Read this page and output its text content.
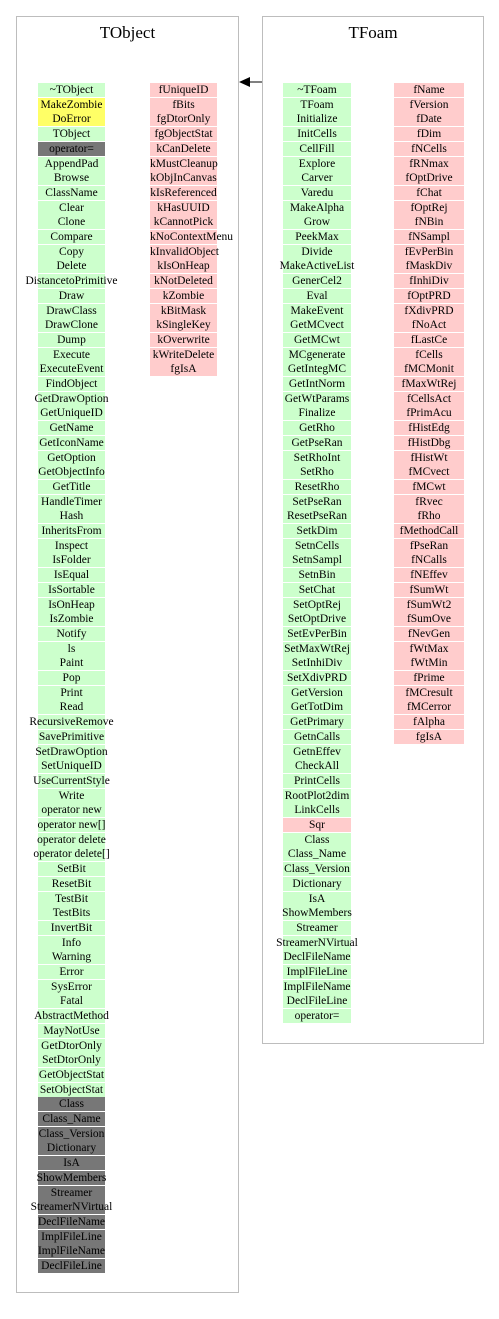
TObject
~TObject
MakeZombie
DoError
TObject
operator=
AppendPad
Browse
ClassName
Clear
Clone
Compare
Copy
Delete
DistancetoPrimitive
Draw
DrawClass
DrawClone
Dump
Execute
ExecuteEvent
FindObject
GetDrawOption
GetUniqueID
GetName
GetIconName
GetOption
GetObjectInfo
GetTitle
HandleTimer
Hash
InheritsFrom
Inspect
IsFolder
IsEqual
IsSortable
IsOnHeap
IsZombie
Notify
ls
Paint
Pop
Print
Read
RecursiveRemove
SavePrimitive
SetDrawOption
SetUniqueID
UseCurrentStyle
Write
operator new
operator new[]
operator delete
operator delete[]
SetBit
ResetBit
TestBit
TestBits
InvertBit
Info
Warning
Error
SysError
Fatal
AbstractMethod
MayNotUse
GetDtorOnly
SetDtorOnly
GetObjectStat
SetObjectStat
Class
Class_Name
Class_Version
Dictionary
IsA
ShowMembers
Streamer
StreamerNVirtual
DeclFileName
ImplFileLine
ImplFileName
DeclFileLine
fUniqueID
fBits
fgDtorOnly
fgObjectStat
kCanDelete
kMustCleanup
kObjInCanvas
kIsReferenced
kHasUUID
kCannotPick
kNoContextMenu
kInvalidObject
kIsOnHeap
kNotDeleted
kZombie
kBitMask
kSingleKey
kOverwrite
kWriteDelete
fgIsA
TFoam
~TFoam
TFoam
Initialize
InitCells
CellFill
Explore
Carver
Varedu
MakeAlpha
Grow
PeekMax
Divide
MakeActiveList
GenerCel2
Eval
MakeEvent
GetMCvect
GetMCwt
MCgenerate
GetIntegMC
GetIntNorm
GetWtParams
Finalize
GetRho
GetPseRan
SetRhoInt
SetRho
ResetRho
SetPseRan
ResetPseRan
SetkDim
SetnCells
SetnSampl
SetnBin
SetChat
SetOptRej
SetOptDrive
SetEvPerBin
SetMaxWtRej
SetInhiDiv
SetXdivPRD
GetVersion
GetTotDim
GetPrimary
GetnCalls
GetnEffev
CheckAll
PrintCells
RootPlot2dim
LinkCells
Sqr
Class
Class_Name
Class_Version
Dictionary
IsA
ShowMembers
Streamer
StreamerNVirtual
DeclFileName
ImplFileLine
ImplFileName
DeclFileLine
operator=
fName
fVersion
fDate
fDim
fNCells
fRNmax
fOptDrive
fChat
fOptRej
fNBin
fNSampl
fEvPerBin
fMaskDiv
fInhiDiv
fOptPRD
fXdivPRD
fNoAct
fLastCe
fCells
fMCMonit
fMaxWtRej
fCellsAct
fPrimAcu
fHistEdg
fHistDbg
fHistWt
fMCvect
fMCwt
fRvec
fRho
fMethodCall
fPseRan
fNCalls
fNEffev
fSumWt
fSumWt2
fSumOve
fNevGen
fWtMax
fWtMin
fPrime
fMCresult
fMCerror
fAlpha
fgIsA
